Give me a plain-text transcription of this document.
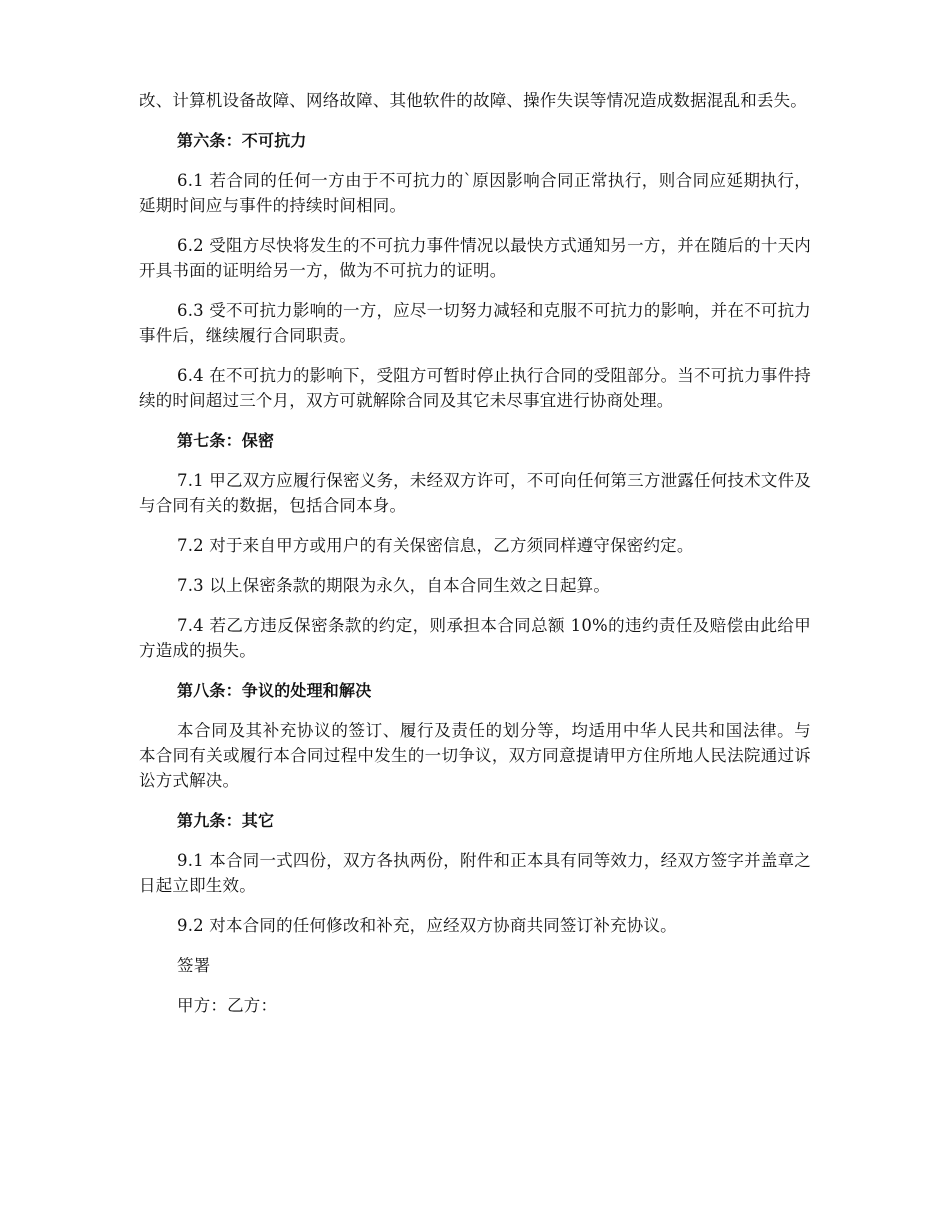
改、计算机设备故障、网络故障、其他软件的故障、操作失误等情况造成数据混乱和丢失。

第六条：不可抗力

6.1 若合同的任何一方由于不可抗力的`原因影响合同正常执行，则合同应延期执行，延期时间应与事件的持续时间相同。

6.2 受阻方尽快将发生的不可抗力事件情况以最快方式通知另一方，并在随后的十天内开具书面的证明给另一方，做为不可抗力的证明。

6.3 受不可抗力影响的一方，应尽一切努力减轻和克服不可抗力的影响，并在不可抗力事件后，继续履行合同职责。

6.4 在不可抗力的影响下，受阻方可暂时停止执行合同的受阻部分。当不可抗力事件持续的时间超过三个月，双方可就解除合同及其它未尽事宜进行协商处理。

第七条：保密

7.1 甲乙双方应履行保密义务，未经双方许可，不可向任何第三方泄露任何技术文件及与合同有关的数据，包括合同本身。

7.2 对于来自甲方或用户的有关保密信息，乙方须同样遵守保密约定。

7.3 以上保密条款的期限为永久，自本合同生效之日起算。

7.4 若乙方违反保密条款的约定，则承担本合同总额 10%的违约责任及赔偿由此给甲方造成的损失。

第八条：争议的处理和解决

本合同及其补充协议的签订、履行及责任的划分等，均适用中华人民共和国法律。与本合同有关或履行本合同过程中发生的一切争议，双方同意提请甲方住所地人民法院通过诉讼方式解决。

第九条：其它

9.1 本合同一式四份，双方各执两份，附件和正本具有同等效力，经双方签字并盖章之日起立即生效。

9.2 对本合同的任何修改和补充，应经双方协商共同签订补充协议。

签署

甲方：乙方：
